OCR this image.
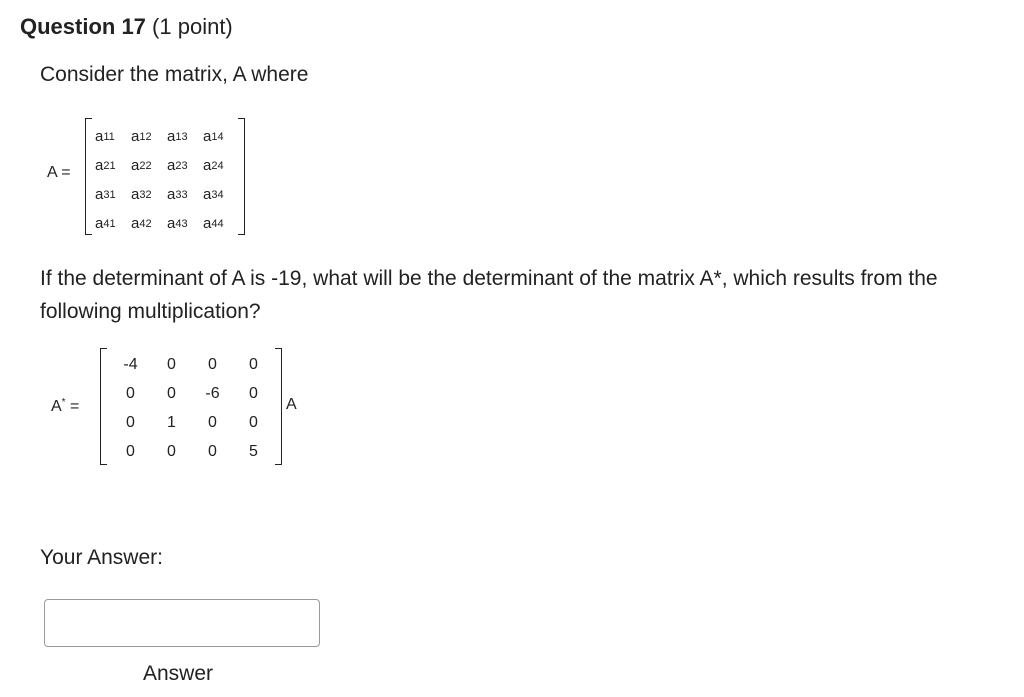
Question 17 (1 point)
Consider the matrix, A where
A =
a 11 a 12 a 13 a 14
a 21 a 22 a 23 a 24
a 31 a 32 a 33 a 34
a 41 a 42 a 43 a 44
If the determinant of A is -19, what will be the determinant of the matrix A*, which results from the following multiplication?
A* =
-4	0	0	0
0	0	-6	0
0	1	0	0
0	0	0	5
A
Your Answer:
Answer
